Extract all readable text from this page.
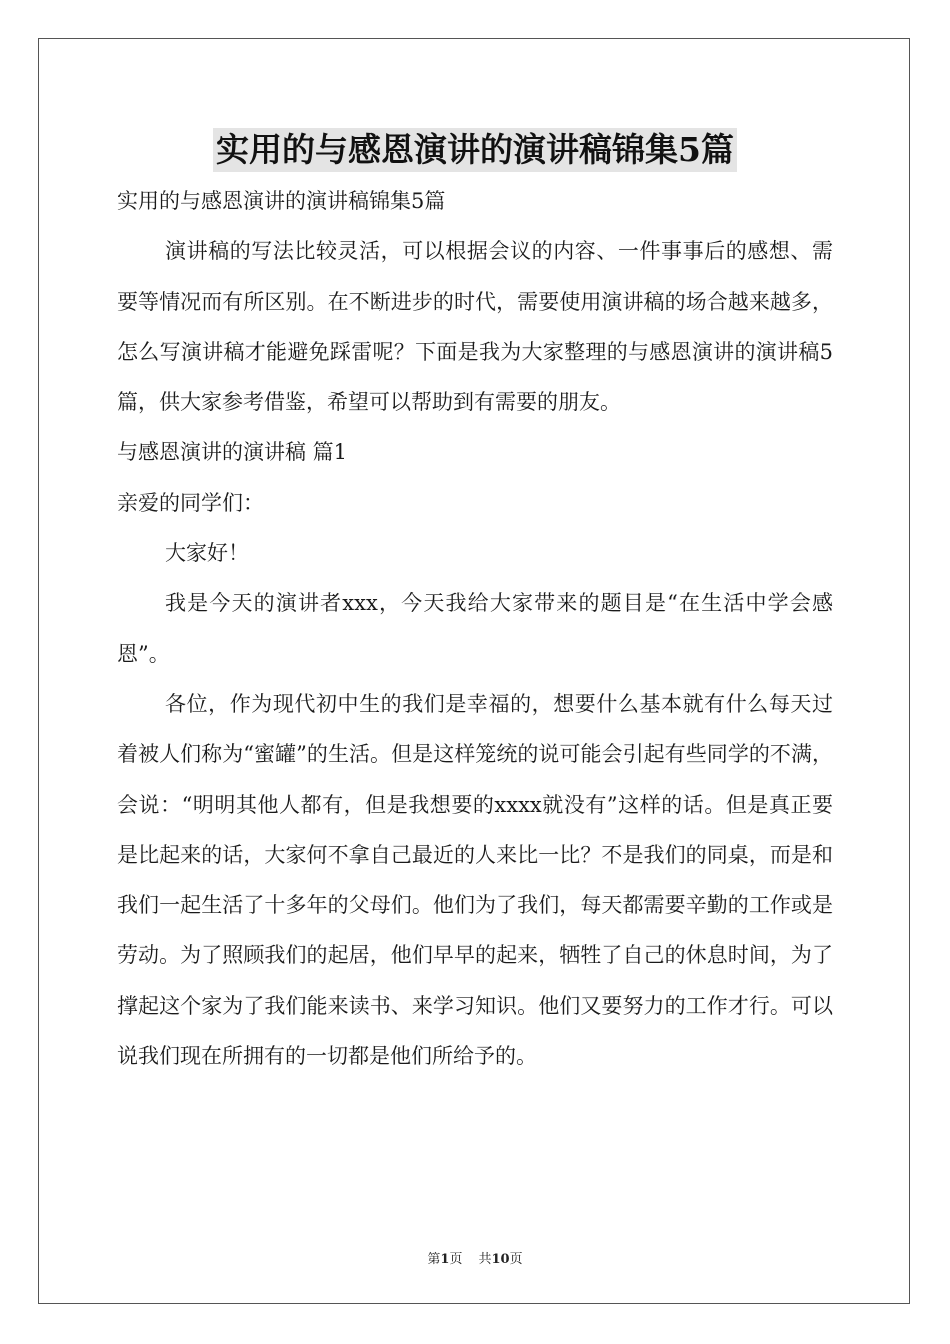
实用的与感恩演讲的演讲稿锦集5篇

实用的与感恩演讲的演讲稿锦集5篇

演讲稿的写法比较灵活，可以根据会议的内容、一件事事后的感想、需要等情况而有所区别。在不断进步的时代，需要使用演讲稿的场合越来越多，怎么写演讲稿才能避免踩雷呢？下面是我为大家整理的与感恩演讲的演讲稿5篇，供大家参考借鉴，希望可以帮助到有需要的朋友。

与感恩演讲的演讲稿 篇1

亲爱的同学们：

大家好！

我是今天的演讲者xxx，今天我给大家带来的题目是“在生活中学会感恩”。

各位，作为现代初中生的我们是幸福的，想要什么基本就有什么每天过着被人们称为“蜜罐”的生活。但是这样笼统的说可能会引起有些同学的不满，会说：“明明其他人都有，但是我想要的xxxx就没有”这样的话。但是真正要是比起来的话，大家何不拿自己最近的人来比一比？不是我们的同桌，而是和我们一起生活了十多年的父母们。他们为了我们，每天都需要辛勤的工作或是劳动。为了照顾我们的起居，他们早早的起来，牺牲了自己的休息时间，为了撑起这个家为了我们能来读书、来学习知识。他们又要努力的工作才行。可以说我们现在所拥有的一切都是他们所给予的。

第1页 共10页
